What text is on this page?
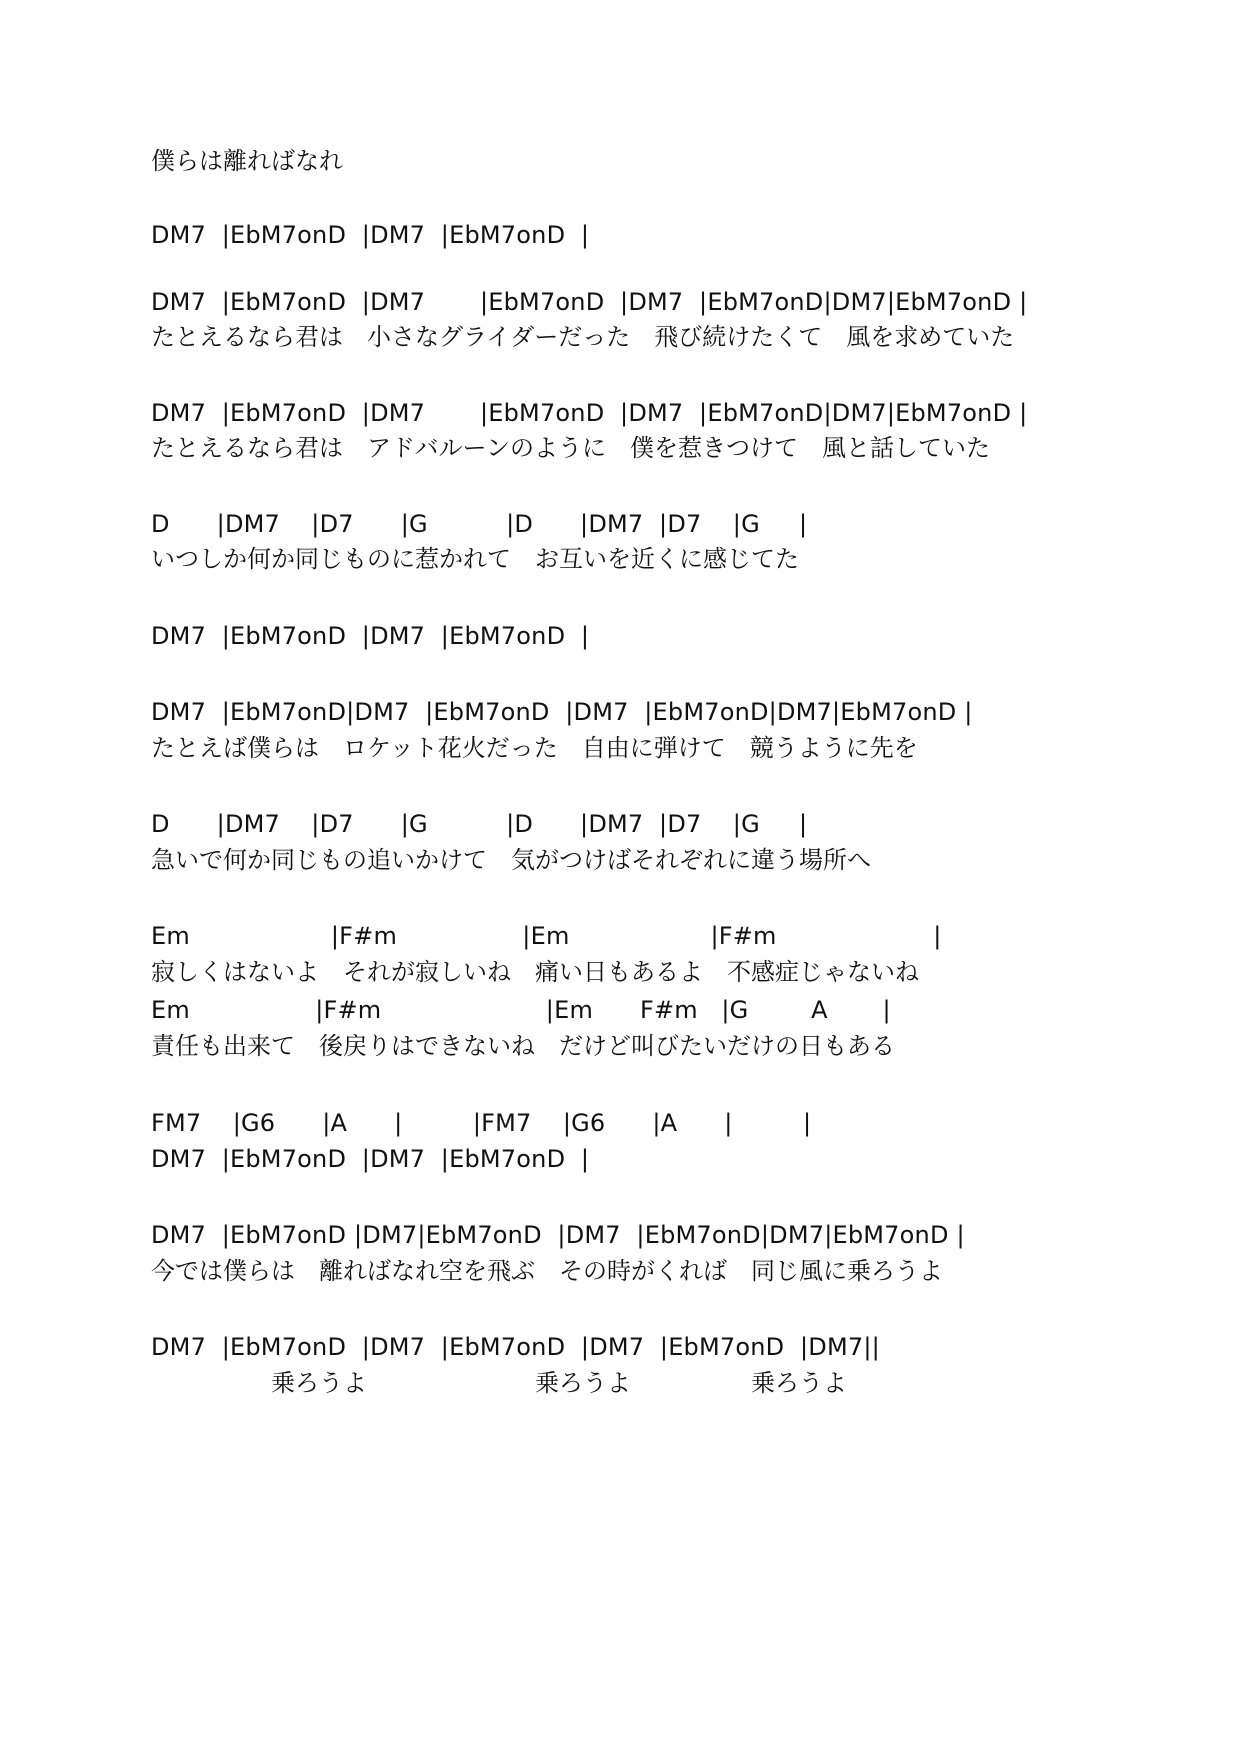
僕らは離ればなれ
DM7  |EbM7onD  |DM7  |EbM7onD  |
DM7  |EbM7onD  |DM7       |EbM7onD  |DM7  |EbM7onD|DM7|EbM7onD |
たとえるなら君は　小さなグライダーだった　飛び続けたくて　風を求めていた
DM7  |EbM7onD  |DM7       |EbM7onD  |DM7  |EbM7onD|DM7|EbM7onD |
たとえるなら君は　アドバルーンのように　僕を惹きつけて　風と話していた
D      |DM7    |D7      |G          |D      |DM7  |D7    |G     |
いつしか何か同じものに惹かれて　お互いを近くに感じてた
DM7  |EbM7onD  |DM7  |EbM7onD  |
DM7  |EbM7onD|DM7  |EbM7onD  |DM7  |EbM7onD|DM7|EbM7onD |
たとえば僕らは　ロケット花火だった　自由に弾けて　競うように先を
D      |DM7    |D7      |G          |D      |DM7  |D7    |G     |
急いで何か同じもの追いかけて　気がつけばそれぞれに違う場所へ
Em                  |F#m                |Em                  |F#m                    |
寂しくはないよ　それが寂しいね　痛い日もあるよ　不感症じゃないね
Em                |F#m                     |Em      F#m   |G        A       |
責任も出来て　後戻りはできないね　だけど叫びたいだけの日もある
FM7    |G6      |A      |         |FM7    |G6      |A      |         |
DM7  |EbM7onD  |DM7  |EbM7onD  |
DM7  |EbM7onD |DM7|EbM7onD  |DM7  |EbM7onD|DM7|EbM7onD |
今では僕らは　離ればなれ空を飛ぶ　その時がくれば　同じ風に乗ろうよ
DM7  |EbM7onD  |DM7  |EbM7onD  |DM7  |EbM7onD  |DM7||
　　　　　乗ろうよ　　　　　　　乗ろうよ　　　　　乗ろうよ
